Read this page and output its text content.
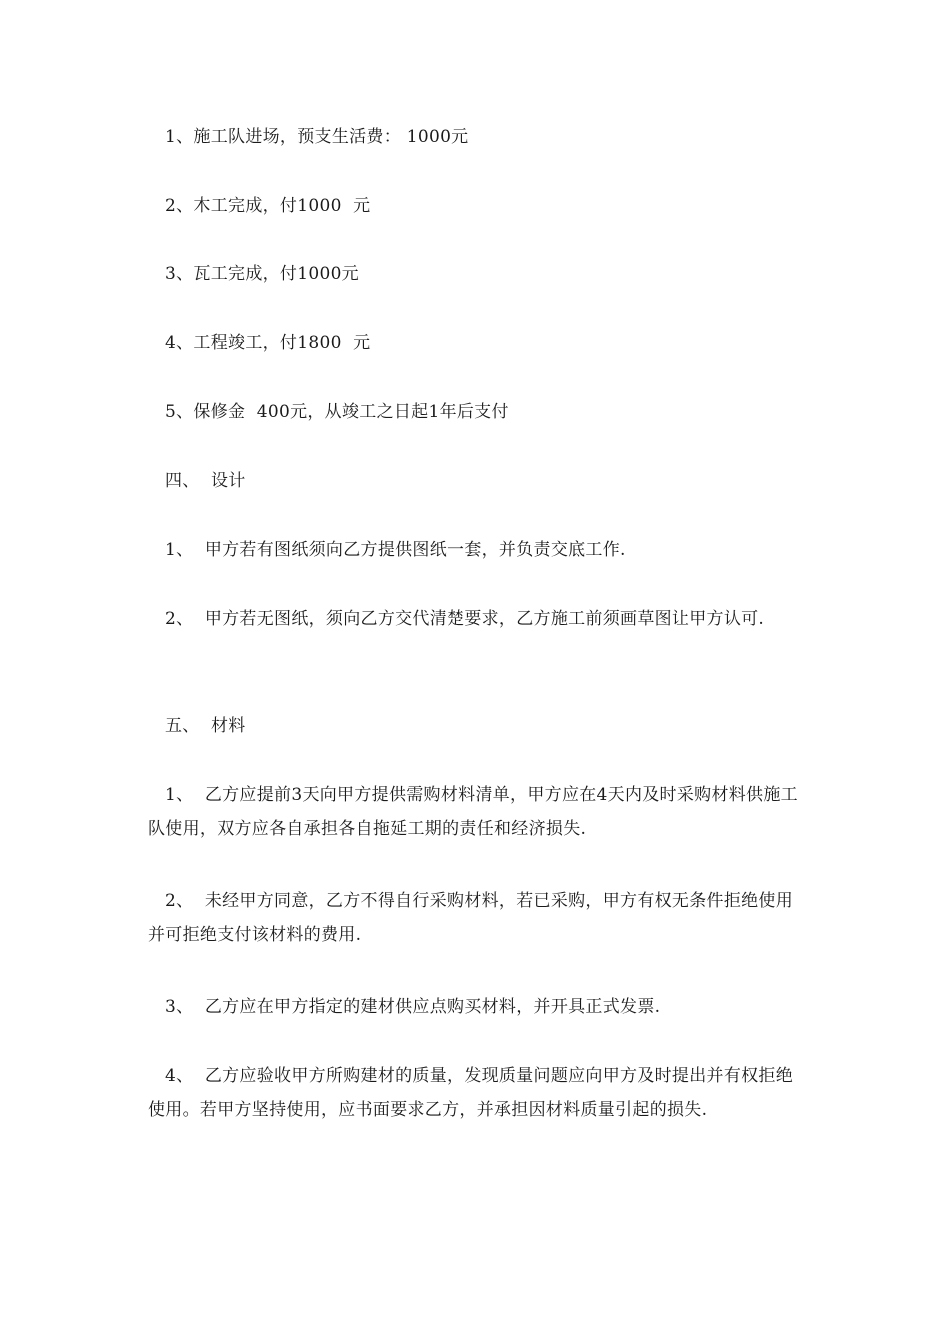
1、施工队进场，预支生活费： 1000元

2、木工完成，付1000  元

3、瓦工完成，付1000元

4、工程竣工，付1800  元

5、保修金  400元，从竣工之日起1年后支付

四、  设计

1、  甲方若有图纸须向乙方提供图纸一套，并负责交底工作.

2、  甲方若无图纸，须向乙方交代清楚要求，乙方施工前须画草图让甲方认可.

五、  材料

1、  乙方应提前3天向甲方提供需购材料清单，甲方应在4天内及时采购材料供施工队使用，双方应各自承担各自拖延工期的责任和经济损失.

2、  未经甲方同意，乙方不得自行采购材料，若已采购，甲方有权无条件拒绝使用并可拒绝支付该材料的费用.

3、  乙方应在甲方指定的建材供应点购买材料，并开具正式发票.

4、  乙方应验收甲方所购建材的质量，发现质量问题应向甲方及时提出并有权拒绝使用。若甲方坚持使用，应书面要求乙方，并承担因材料质量引起的损失.
